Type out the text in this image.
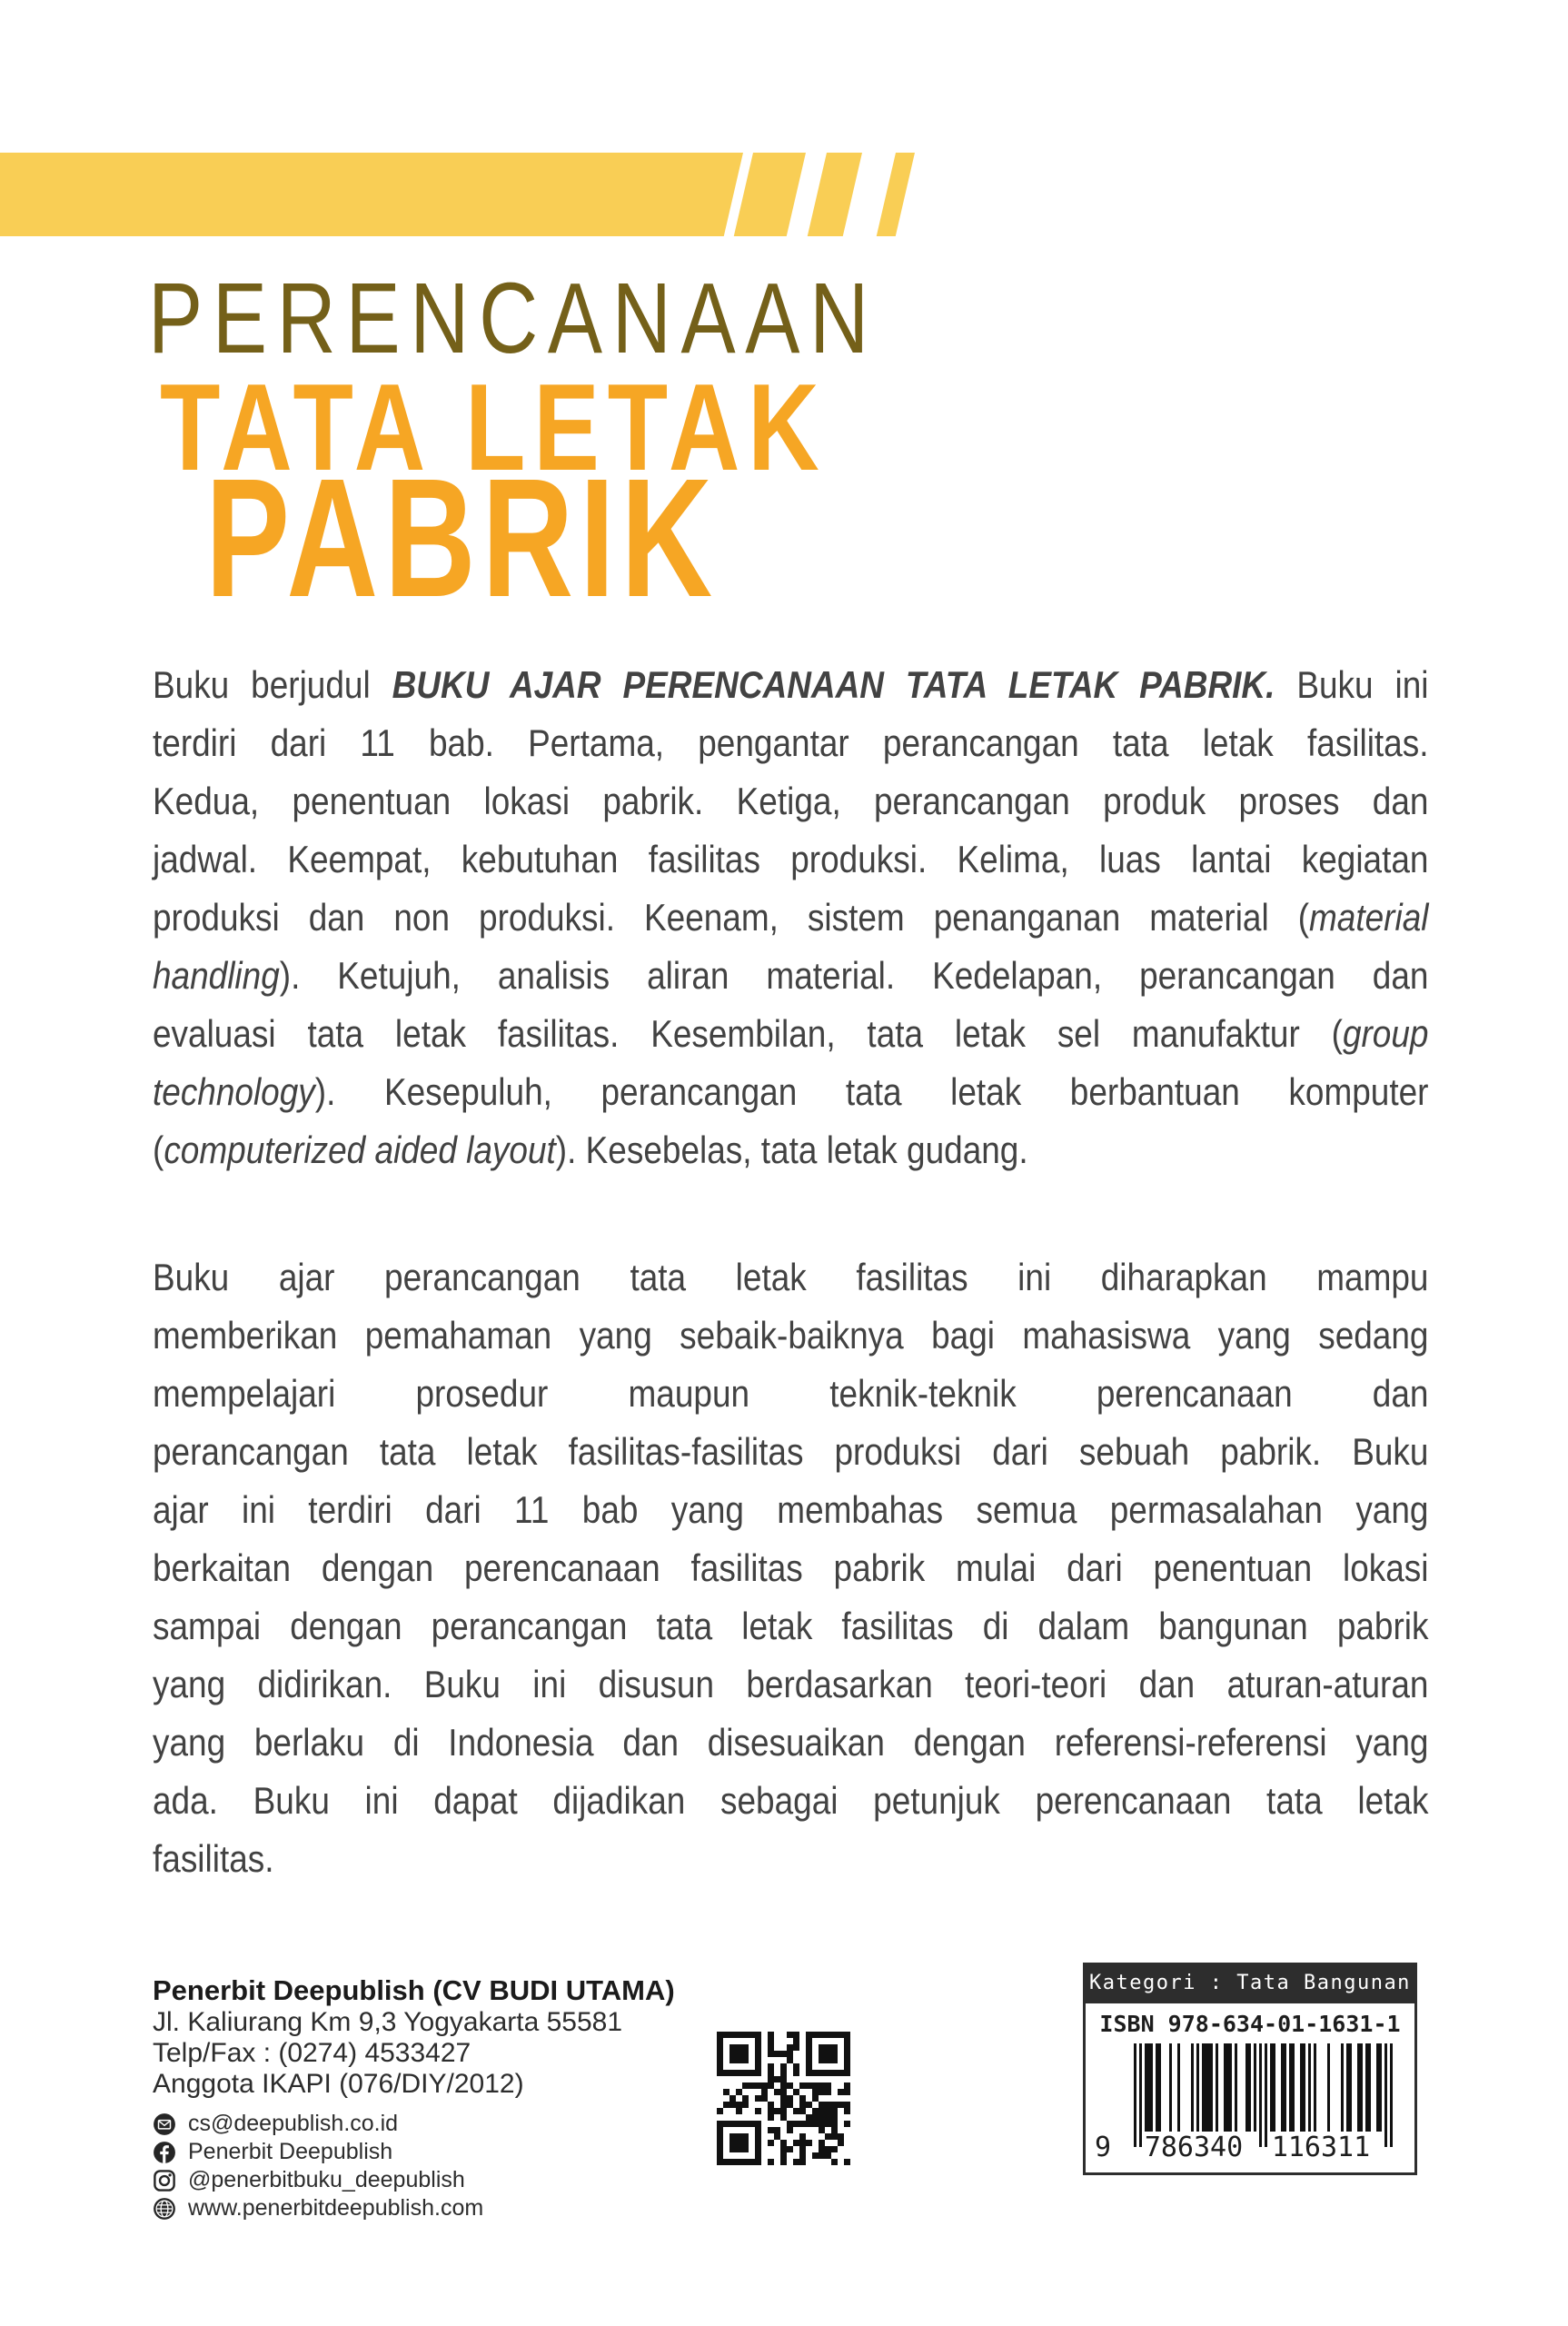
PERENCANAAN
TATA LETAK
PABRIK
Buku berjudul BUKU AJAR PERENCANAAN TATA LETAK PABRIK. Buku ini
terdiri dari 11 bab. Pertama, pengantar perancangan tata letak fasilitas.
Kedua, penentuan lokasi pabrik. Ketiga, perancangan produk proses dan
jadwal. Keempat, kebutuhan fasilitas produksi. Kelima, luas lantai kegiatan
produksi dan non produksi. Keenam, sistem penanganan material (material
handling). Ketujuh, analisis aliran material. Kedelapan, perancangan dan
evaluasi tata letak fasilitas. Kesembilan, tata letak sel manufaktur (group
technology). Kesepuluh, perancangan tata letak berbantuan komputer
(computerized aided layout). Kesebelas, tata letak gudang.
Buku ajar perancangan tata letak fasilitas ini diharapkan mampu
memberikan pemahaman yang sebaik-baiknya bagi mahasiswa yang sedang
mempelajari prosedur maupun teknik-teknik perencanaan dan
perancangan tata letak fasilitas-fasilitas produksi dari sebuah pabrik. Buku
ajar ini terdiri dari 11 bab yang membahas semua permasalahan yang
berkaitan dengan perencanaan fasilitas pabrik mulai dari penentuan lokasi
sampai dengan perancangan tata letak fasilitas di dalam bangunan pabrik
yang didirikan. Buku ini disusun berdasarkan teori-teori dan aturan-aturan
yang berlaku di Indonesia dan disesuaikan dengan referensi-referensi yang
ada. Buku ini dapat dijadikan sebagai petunjuk perencanaan tata letak
fasilitas.
Penerbit Deepublish (CV BUDI UTAMA)
Jl. Kaliurang Km 9,3 Yogyakarta 55581
Telp/Fax : (0274) 4533427
Anggota IKAPI (076/DIY/2012)
cs@deepublish.co.id
Penerbit Deepublish
@penerbitbuku_deepublish
www.penerbitdeepublish.com
Kategori : Tata Bangunan
ISBN 978-634-01-1631-1
9	786340	116311
